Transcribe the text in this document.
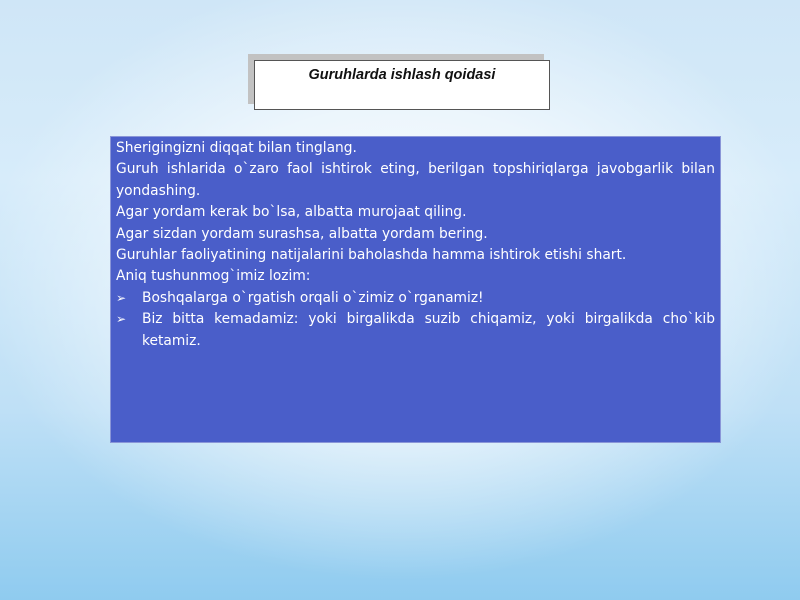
Guruhlarda ishlash qoidasi

Sherigingizni diqqat bilan tinglang.

Guruh ishlarida o`zaro faol ishtirok eting, berilgan topshiriqlarga javobgarlik bilan yondashing.

Agar yordam kerak bo`lsa, albatta murojaat qiling.

Agar sizdan yordam surashsa, albatta yordam bering.

Guruhlar faoliyatining natijalarini baholashda hamma ishtirok etishi shart.

Aniq tushunmog`imiz lozim:

➢	Boshqalarga o`rgatish orqali o`zimiz o`rganamiz!
➢	Biz bitta kemadamiz: yoki birgalikda suzib chiqamiz, yoki birgalikda cho`kib ketamiz.
